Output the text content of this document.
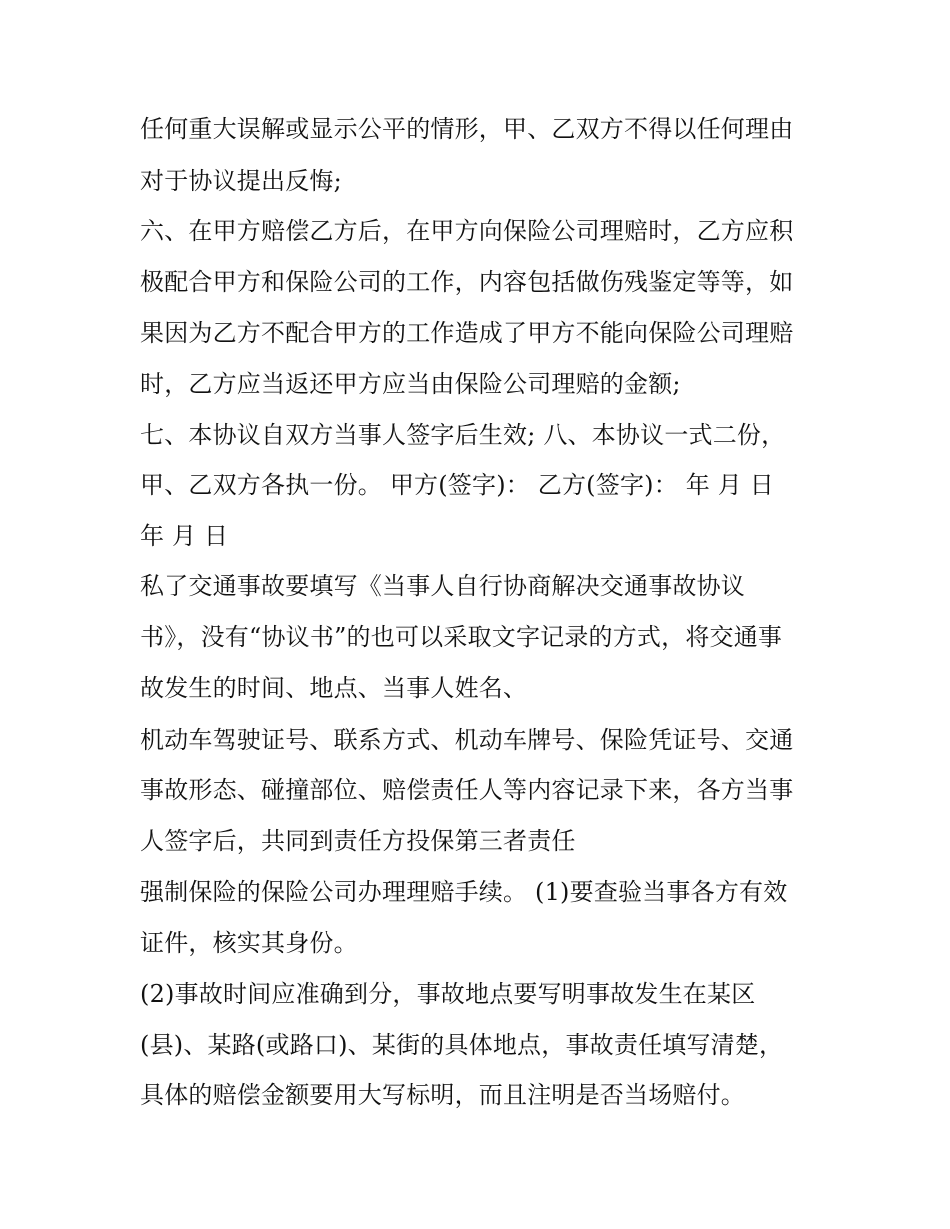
任何重大误解或显示公平的情形，甲、乙双方不得以任何理由
对于协议提出反悔;
六、在甲方赔偿乙方后，在甲方向保险公司理赔时，乙方应积
极配合甲方和保险公司的工作，内容包括做伤残鉴定等等，如
果因为乙方不配合甲方的工作造成了甲方不能向保险公司理赔
时，乙方应当返还甲方应当由保险公司理赔的金额;
七、本协议自双方当事人签字后生效; 八、本协议一式二份，
甲、乙双方各执一份。 甲方(签字)： 乙方(签字)： 年 月 日
年 月 日
私了交通事故要填写《当事人自行协商解决交通事故协议
书》，没有“协议书”的也可以采取文字记录的方式，将交通事
故发生的时间、地点、当事人姓名、
机动车驾驶证号、联系方式、机动车牌号、保险凭证号、交通
事故形态、碰撞部位、赔偿责任人等内容记录下来，各方当事
人签字后，共同到责任方投保第三者责任
强制保险的保险公司办理理赔手续。 (1)要查验当事各方有效
证件，核实其身份。
(2)事故时间应准确到分，事故地点要写明事故发生在某区
(县)、某路(或路口)、某街的具体地点，事故责任填写清楚，
具体的赔偿金额要用大写标明，而且注明是否当场赔付。
